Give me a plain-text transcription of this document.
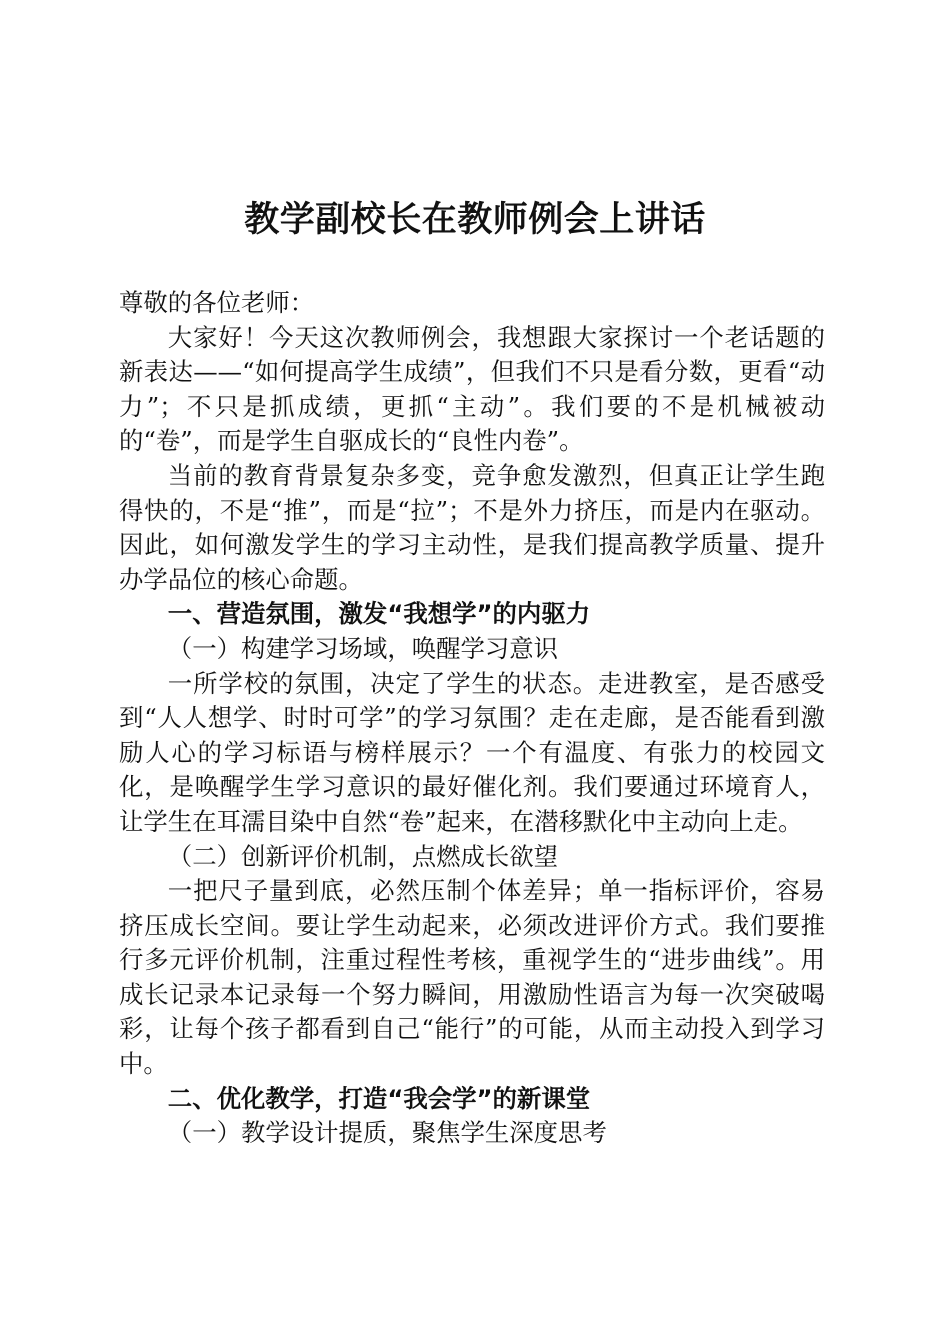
教学副校长在教师例会上讲话

尊敬的各位老师：

大家好！今天这次教师例会，我想跟大家探讨一个老话题的新表达——“如何提高学生成绩”，但我们不只是看分数，更看“动力”；不只是抓成绩，更抓“主动”。我们要的不是机械被动的“卷”，而是学生自驱成长的“良性内卷”。

当前的教育背景复杂多变，竞争愈发激烈，但真正让学生跑得快的，不是“推”，而是“拉”；不是外力挤压，而是内在驱动。因此，如何激发学生的学习主动性，是我们提高教学质量、提升办学品位的核心命题。

一、营造氛围，激发“我想学”的内驱力

（一）构建学习场域，唤醒学习意识

一所学校的氛围，决定了学生的状态。走进教室，是否感受到“人人想学、时时可学”的学习氛围？走在走廊，是否能看到激励人心的学习标语与榜样展示？一个有温度、有张力的校园文化，是唤醒学生学习意识的最好催化剂。我们要通过环境育人，让学生在耳濡目染中自然“卷”起来，在潜移默化中主动向上走。

（二）创新评价机制，点燃成长欲望

一把尺子量到底，必然压制个体差异；单一指标评价，容易挤压成长空间。要让学生动起来，必须改进评价方式。我们要推行多元评价机制，注重过程性考核，重视学生的“进步曲线”。用成长记录本记录每一个努力瞬间，用激励性语言为每一次突破喝彩，让每个孩子都看到自己“能行”的可能，从而主动投入到学习中。

二、优化教学，打造“我会学”的新课堂

（一）教学设计提质，聚焦学生深度思考
